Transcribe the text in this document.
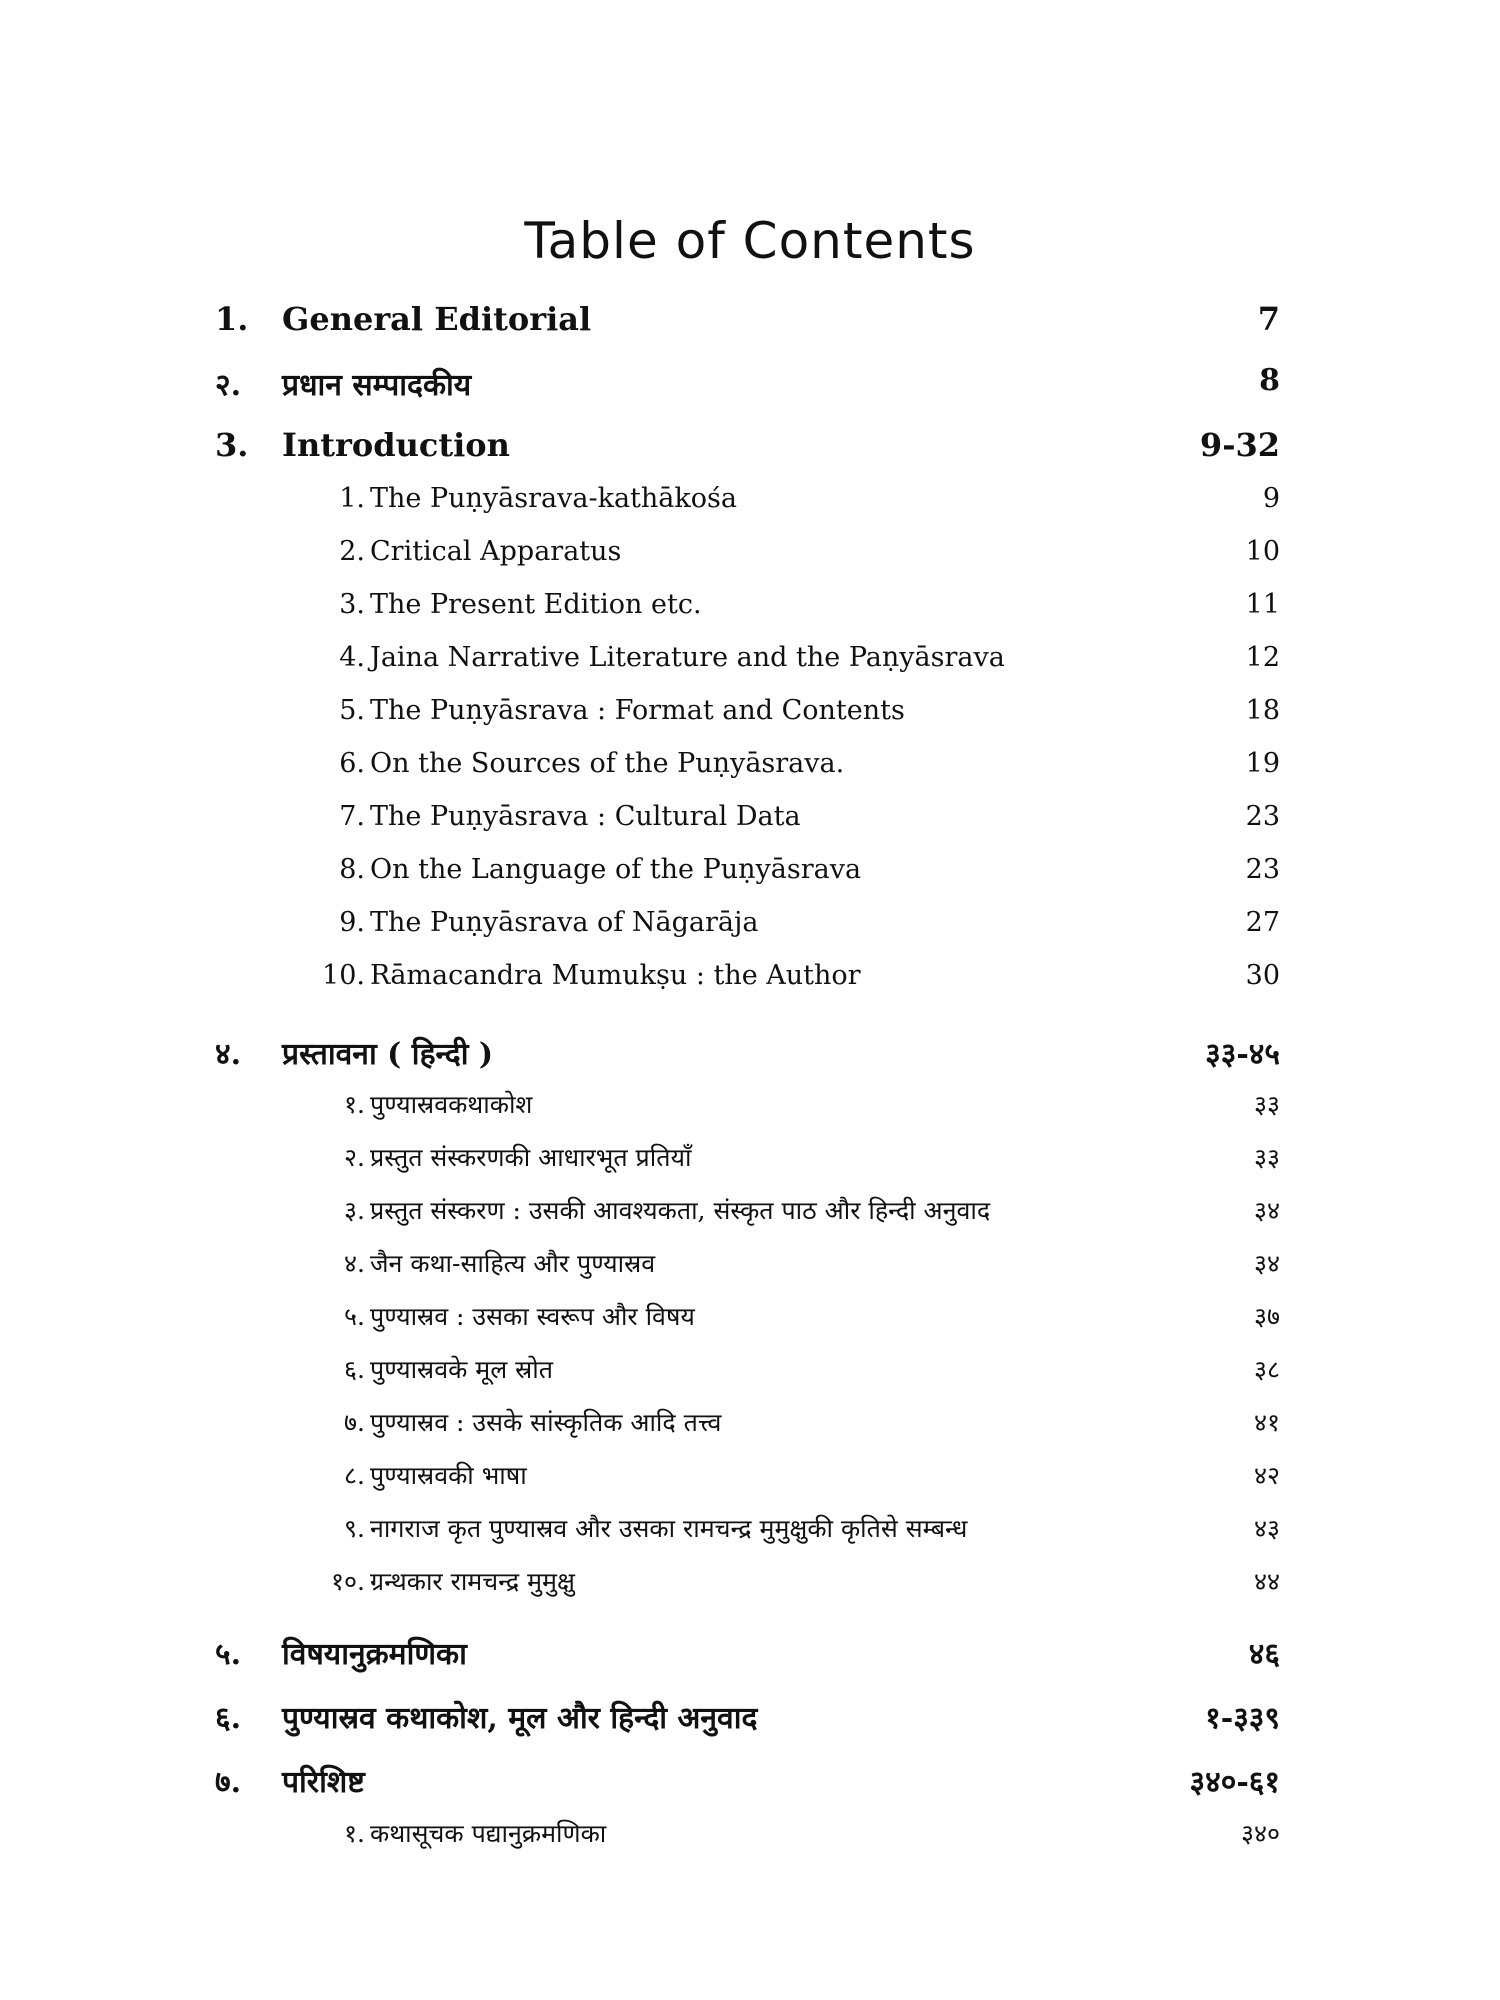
Table of Contents
1. General Editorial	7
२. प्रधान सम्पादकीय	8
3. Introduction	9-32
1. The Puṇyāsrava-kathākośa	9
2. Critical Apparatus	10
3. The Present Edition etc.	11
4. Jaina Narrative Literature and the Paṇyāsrava	12
5. The Puṇyāsrava : Format and Contents	18
6. On the Sources of the Puṇyāsrava.	19
7. The Puṇyāsrava : Cultural Data	23
8. On the Language of the Puṇyāsrava	23
9. The Puṇyāsrava of Nāgarāja	27
10. Rāmacandra Mumukṣu : the Author	30
४. प्रस्तावना ( हिन्दी )	३३-४५
१. पुण्यास्रवकथाकोश	३३
२. प्रस्तुत संस्करणकी आधारभूत प्रतियाँ	३३
३. प्रस्तुत संस्करण : उसकी आवश्यकता, संस्कृत पाठ और हिन्दी अनुवाद	३४
४. जैन कथा-साहित्य और पुण्यास्रव	३४
५. पुण्यास्रव : उसका स्वरूप और विषय	३७
६. पुण्यास्रवके मूल स्रोत	३८
७. पुण्यास्रव : उसके सांस्कृतिक आदि तत्त्व	४१
८. पुण्यास्रवकी भाषा	४२
९. नागराज कृत पुण्यास्रव और उसका रामचन्द्र मुमुक्षुकी कृतिसे सम्बन्ध	४३
१०. ग्रन्थकार रामचन्द्र मुमुक्षु	४४
५. विषयानुक्रमणिका	४६
६. पुण्यास्रव कथाकोश, मूल और हिन्दी अनुवाद	१-३३९
७. परिशिष्ट	३४०-६१
१. कथासूचक पद्यानुक्रमणिका	३४०
